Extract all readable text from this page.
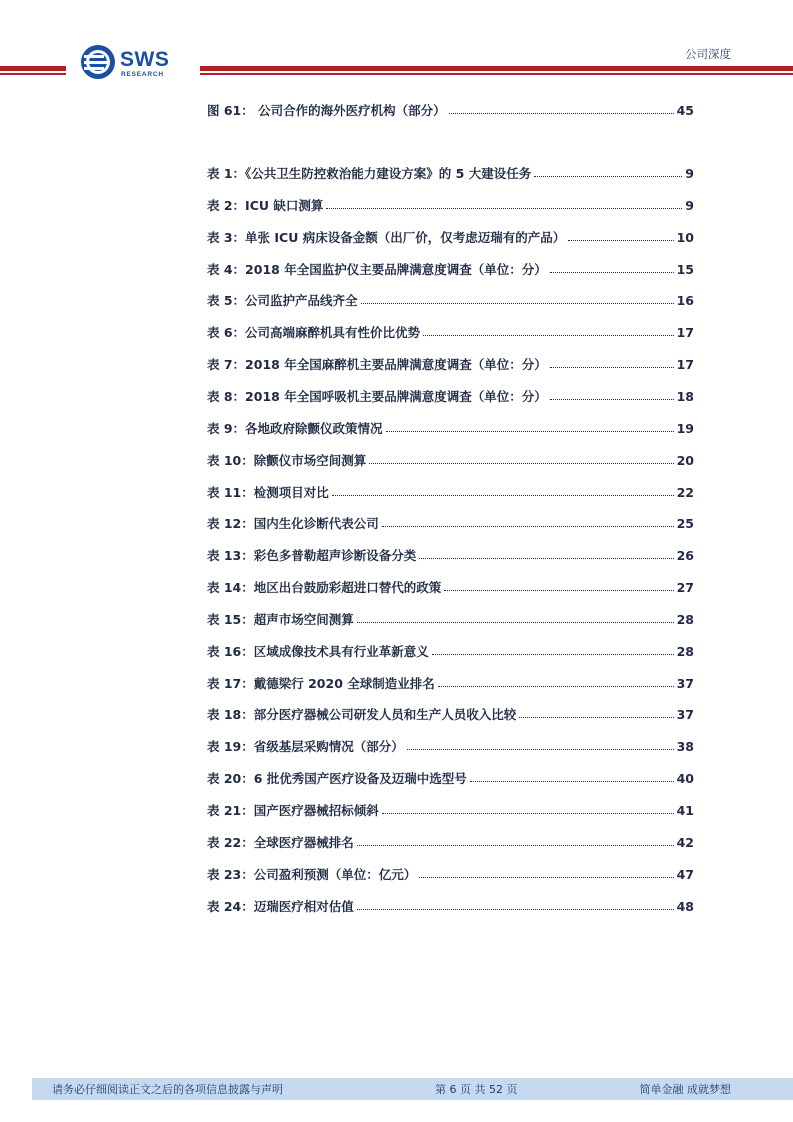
SWS
RESEARCH
公司深度
图 61： 公司合作的海外医疗机构（部分）	45
表 1：《公共卫生防控救治能力建设方案》的 5 大建设任务	9
表 2：ICU 缺口测算	9
表 3：单张 ICU 病床设备金额（出厂价，仅考虑迈瑞有的产品）	10
表 4：2018 年全国监护仪主要品牌满意度调查（单位：分）	15
表 5：公司监护产品线齐全	16
表 6：公司高端麻醉机具有性价比优势	17
表 7：2018 年全国麻醉机主要品牌满意度调查（单位：分）	17
表 8：2018 年全国呼吸机主要品牌满意度调查（单位：分）	18
表 9：各地政府除颤仪政策情况	19
表 10：除颤仪市场空间测算	20
表 11：检测项目对比	22
表 12：国内生化诊断代表公司	25
表 13：彩色多普勒超声诊断设备分类	26
表 14：地区出台鼓励彩超进口替代的政策	27
表 15：超声市场空间测算	28
表 16：区域成像技术具有行业革新意义	28
表 17：戴德梁行 2020 全球制造业排名	37
表 18：部分医疗器械公司研发人员和生产人员收入比较	37
表 19：省级基层采购情况（部分）	38
表 20：6 批优秀国产医疗设备及迈瑞中选型号	40
表 21：国产医疗器械招标倾斜	41
表 22：全球医疗器械排名	42
表 23：公司盈利预测（单位：亿元）	47
表 24：迈瑞医疗相对估值	48
请务必仔细阅读正文之后的各项信息披露与声明	第 6 页 共 52 页	简单金融 成就梦想
